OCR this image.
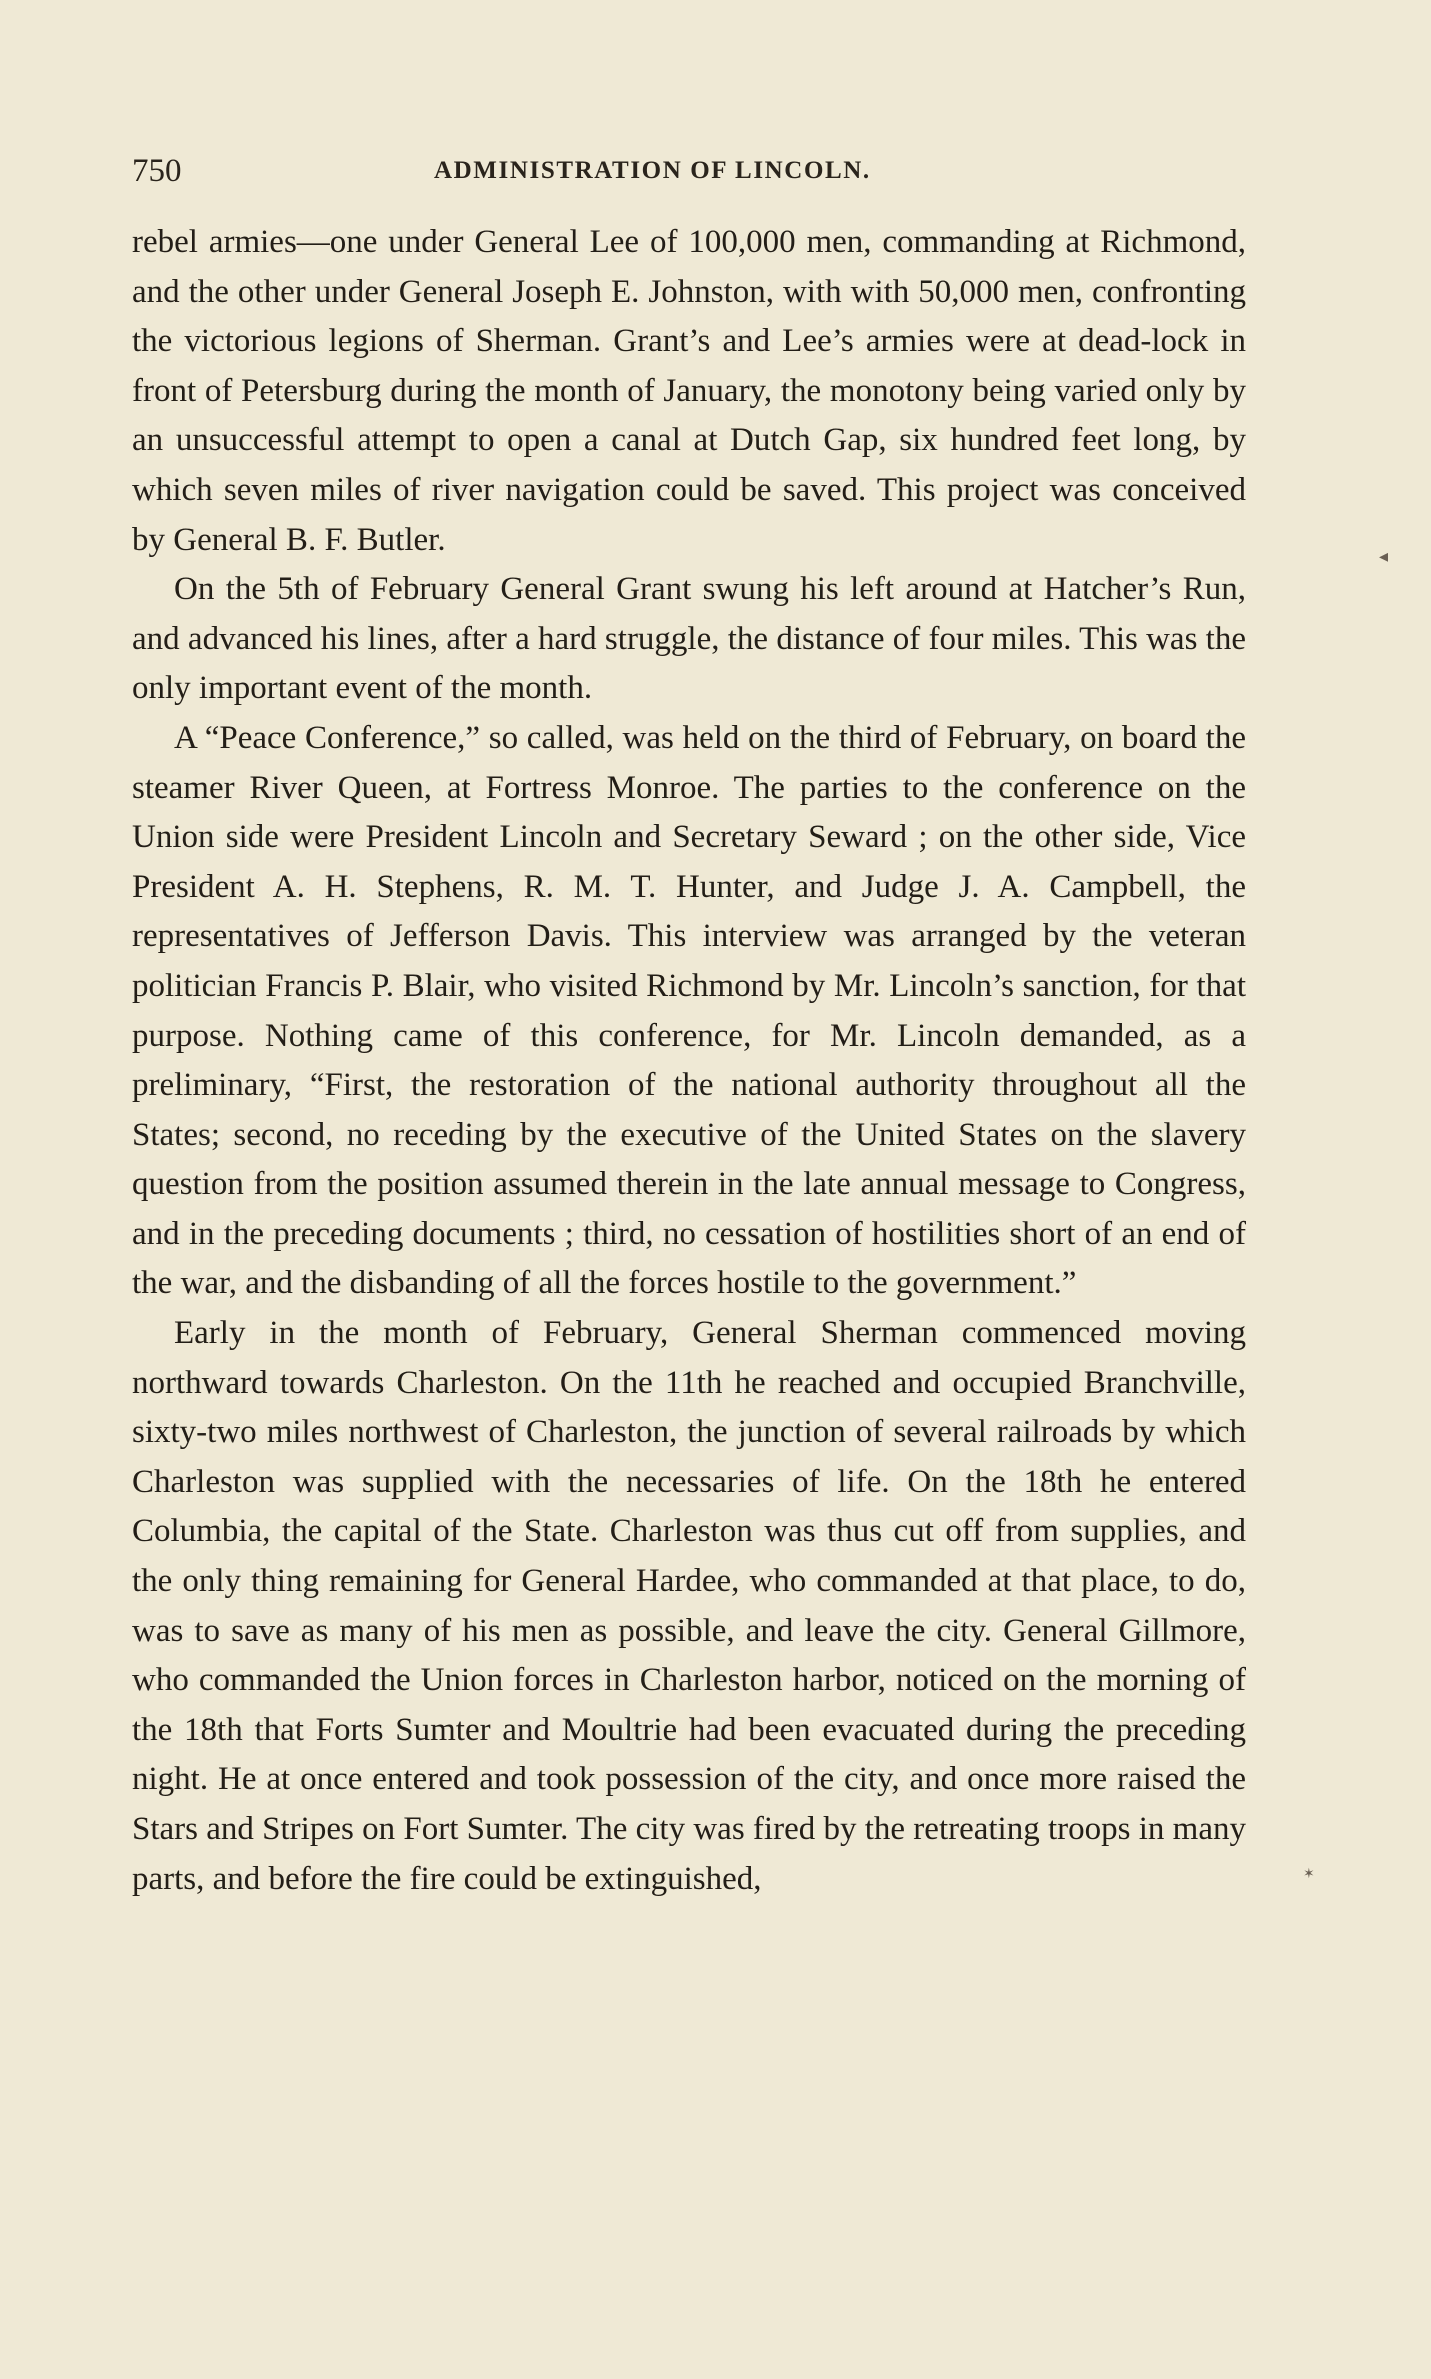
750	ADMINISTRATION OF LINCOLN.

rebel armies—one under General Lee of 100,000 men, commanding at Richmond, and the other under General Joseph E. Johnston, with with 50,000 men, confronting the victorious legions of Sherman. Grant’s and Lee’s armies were at dead-lock in front of Petersburg during the month of January, the monotony being varied only by an unsuccessful attempt to open a canal at Dutch Gap, six hundred feet long, by which seven miles of river navigation could be saved. This project was conceived by General B. F. Butler.

On the 5th of February General Grant swung his left around at Hatcher’s Run, and advanced his lines, after a hard struggle, the distance of four miles. This was the only important event of the month.

A “Peace Conference,” so called, was held on the third of February, on board the steamer River Queen, at Fortress Monroe. The parties to the conference on the Union side were President Lincoln and Secretary Seward ; on the other side, Vice President A. H. Stephens, R. M. T. Hunter, and Judge J. A. Campbell, the representatives of Jefferson Davis. This interview was arranged by the veteran politician Francis P. Blair, who visited Richmond by Mr. Lincoln’s sanction, for that purpose. Nothing came of this conference, for Mr. Lincoln demanded, as a preliminary, “First, the restoration of the national authority throughout all the States; second, no receding by the executive of the United States on the slavery question from the position assumed therein in the late annual message to Congress, and in the preceding documents ; third, no cessation of hostilities short of an end of the war, and the disbanding of all the forces hostile to the government.”

Early in the month of February, General Sherman commenced moving northward towards Charleston. On the 11th he reached and occupied Branchville, sixty-two miles northwest of Charleston, the junction of several railroads by which Charleston was supplied with the necessaries of life. On the 18th he entered Columbia, the capital of the State. Charleston was thus cut off from supplies, and the only thing remaining for General Hardee, who commanded at that place, to do, was to save as many of his men as possible, and leave the city. General Gillmore, who commanded the Union forces in Charleston harbor, noticed on the morning of the 18th that Forts Sumter and Moultrie had been evacuated during the preceding night. He at once entered and took possession of the city, and once more raised the Stars and Stripes on Fort Sumter. The city was fired by the retreating troops in many parts, and before the fire could be extinguished,

◂
✶
